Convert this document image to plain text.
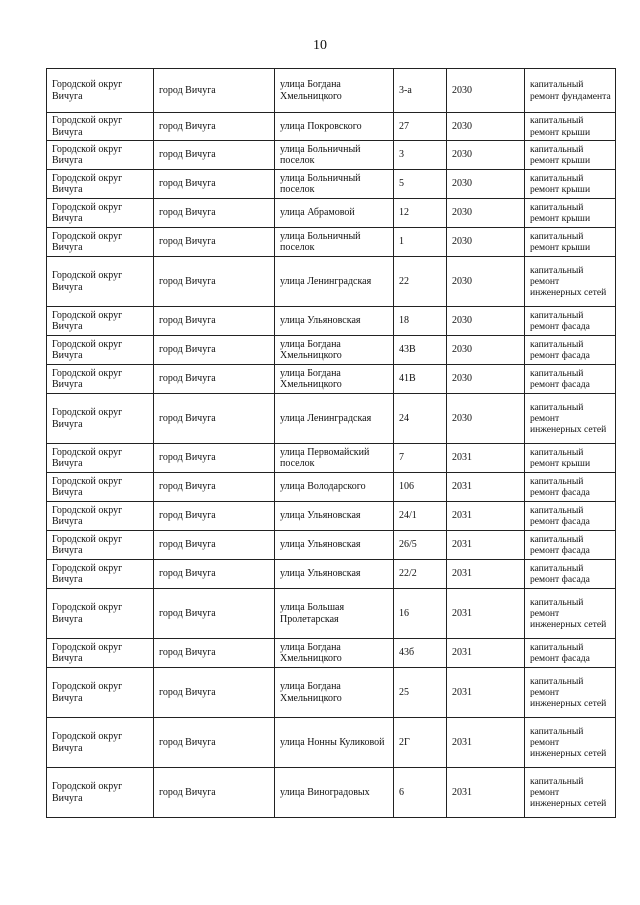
10
Городской округ Вичуга	город Вичуга	улица Богдана Хмельницкого	3-а	2030	капитальный ремонт фундамента
Городской округ Вичуга	город Вичуга	улица Покровского	27	2030	капитальный ремонт крыши
Городской округ Вичуга	город Вичуга	улица Больничный поселок	3	2030	капитальный ремонт крыши
Городской округ Вичуга	город Вичуга	улица Больничный поселок	5	2030	капитальный ремонт крыши
Городской округ Вичуга	город Вичуга	улица Абрамовой	12	2030	капитальный ремонт крыши
Городской округ Вичуга	город Вичуга	улица Больничный поселок	1	2030	капитальный ремонт крыши
Городской округ Вичуга	город Вичуга	улица Ленинградская	22	2030	капитальный ремонт инженерных сетей
Городской округ Вичуга	город Вичуга	улица Ульяновская	18	2030	капитальный ремонт фасада
Городской округ Вичуга	город Вичуга	улица Богдана Хмельницкого	43В	2030	капитальный ремонт фасада
Городской округ Вичуга	город Вичуга	улица Богдана Хмельницкого	41В	2030	капитальный ремонт фасада
Городской округ Вичуга	город Вичуга	улица Ленинградская	24	2030	капитальный ремонт инженерных сетей
Городской округ Вичуга	город Вичуга	улица Первомайский поселок	7	2031	капитальный ремонт крыши
Городской округ Вичуга	город Вичуга	улица Володарского	106	2031	капитальный ремонт фасада
Городской округ Вичуга	город Вичуга	улица Ульяновская	24/1	2031	капитальный ремонт фасада
Городской округ Вичуга	город Вичуга	улица Ульяновская	26/5	2031	капитальный ремонт фасада
Городской округ Вичуга	город Вичуга	улица Ульяновская	22/2	2031	капитальный ремонт фасада
Городской округ Вичуга	город Вичуга	улица Большая Пролетарская	16	2031	капитальный ремонт инженерных сетей
Городской округ Вичуга	город Вичуга	улица Богдана Хмельницкого	43б	2031	капитальный ремонт фасада
Городской округ Вичуга	город Вичуга	улица Богдана Хмельницкого	25	2031	капитальный ремонт инженерных сетей
Городской округ Вичуга	город Вичуга	улица Нонны Куликовой	2Г	2031	капитальный ремонт инженерных сетей
Городской округ Вичуга	город Вичуга	улица Виноградовых	6	2031	капитальный ремонт инженерных сетей
